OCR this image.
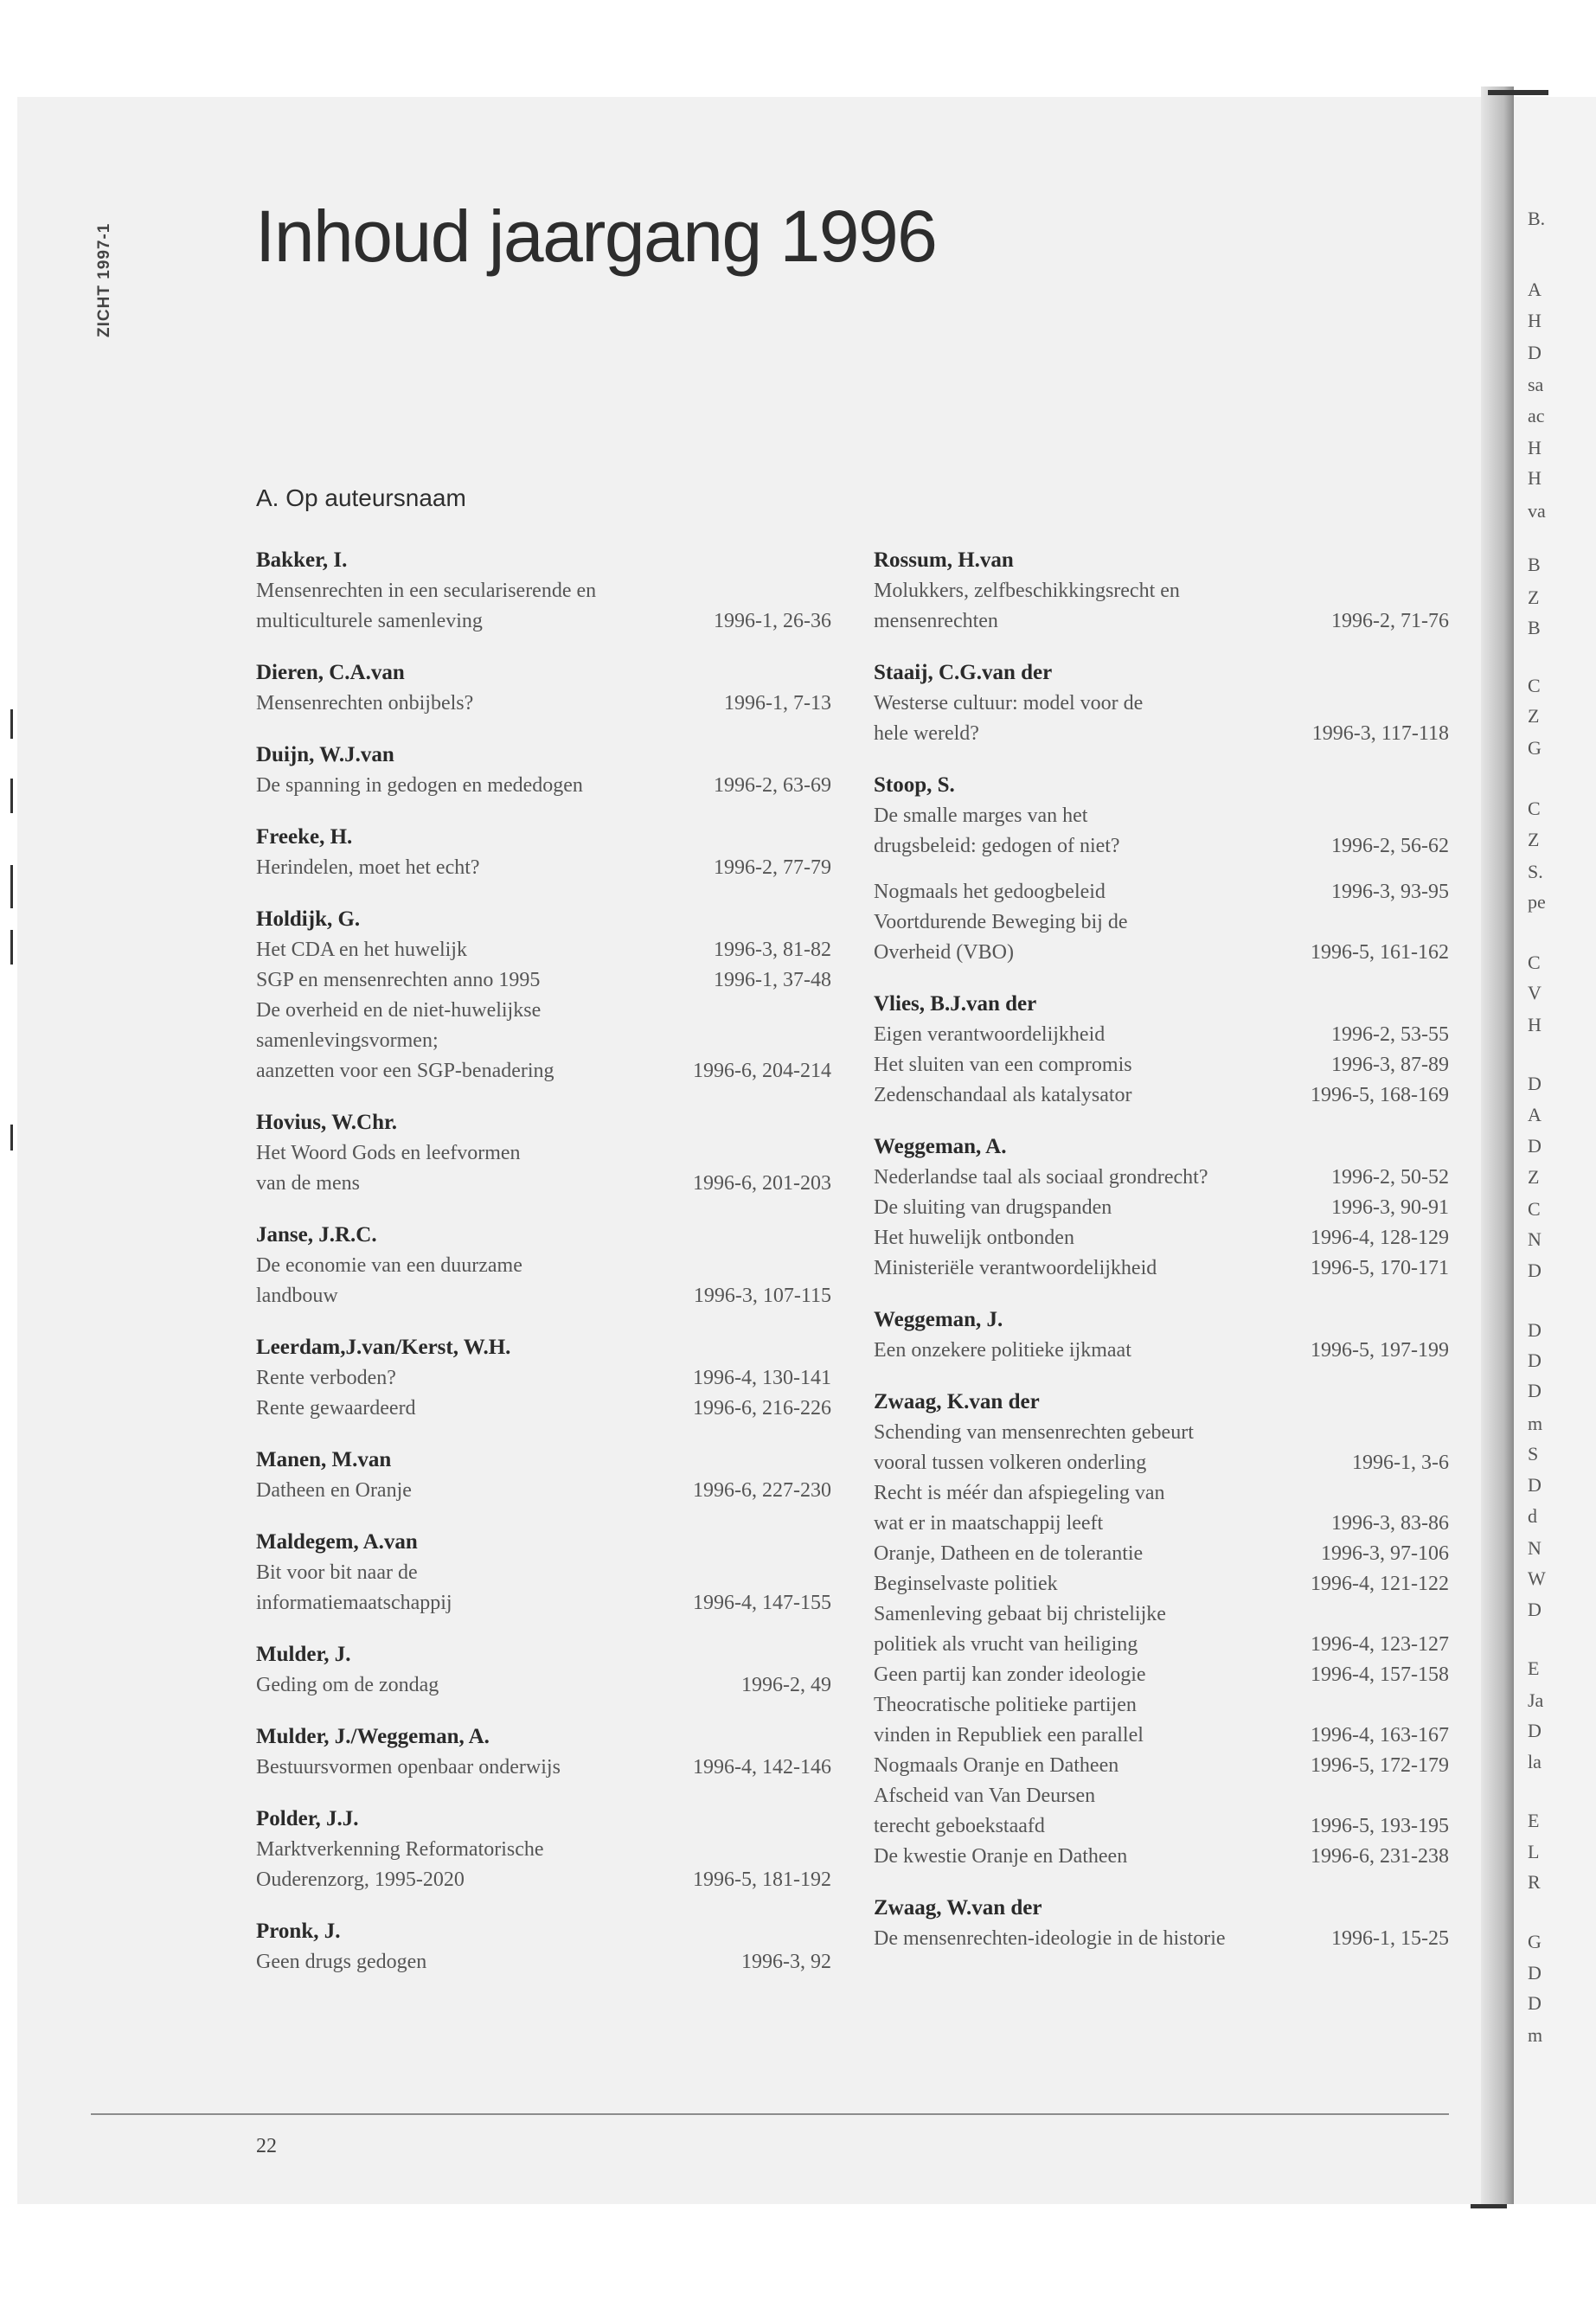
B.
A
H
D
sa
ac
H
H
va
B
Z
B
C
Z
G
C
Z
S.
pe
C
V
H
D
A
D
Z
C
N
D
D
D
D
m
S
D
d
N
W
D
E
Ja
D
la
E
L
R
G
D
D
m
ZICHT 1997-1 Inhoud jaargang 1996
A. Op auteursnaam
Bakker, I.
Mensenrechten in een seculariserende en
multiculturele samenleving	1996-1, 26-36
Dieren, C.A.van
Mensenrechten onbijbels?	1996-1, 7-13
Duijn, W.J.van
De spanning in gedogen en mededogen	1996-2, 63-69
Freeke, H.
Herindelen, moet het echt?	1996-2, 77-79
Holdijk, G.
Het CDA en het huwelijk	1996-3, 81-82
SGP en mensenrechten anno 1995	1996-1, 37-48
De overheid en de niet-huwelijkse
samenlevingsvormen;
aanzetten voor een SGP-benadering	1996-6, 204-214
Hovius, W.Chr.
Het Woord Gods en leefvormen
van de mens	1996-6, 201-203
Janse, J.R.C.
De economie van een duurzame
landbouw	1996-3, 107-115
Leerdam,J.van/Kerst, W.H.
Rente verboden?	1996-4, 130-141
Rente gewaardeerd	1996-6, 216-226
Manen, M.van
Datheen en Oranje	1996-6, 227-230
Maldegem, A.van
Bit voor bit naar de
informatiemaatschappij	1996-4, 147-155
Mulder, J.
Geding om de zondag	1996-2, 49
Mulder, J./Weggeman, A.
Bestuursvormen openbaar onderwijs	1996-4, 142-146
Polder, J.J.
Marktverkenning Reformatorische
Ouderenzorg, 1995-2020	1996-5, 181-192
Pronk, J.
Geen drugs gedogen	1996-3, 92
Rossum, H.van
Molukkers, zelfbeschikkingsrecht en
mensenrechten	1996-2, 71-76
Staaij, C.G.van der
Westerse cultuur: model voor de
hele wereld?	1996-3, 117-118
Stoop, S.
De smalle marges van het
drugsbeleid: gedogen of niet?	1996-2, 56-62
Nogmaals het gedoogbeleid	1996-3, 93-95
Voortdurende Beweging bij de
Overheid (VBO)	1996-5, 161-162
Vlies, B.J.van der
Eigen verantwoordelijkheid	1996-2, 53-55
Het sluiten van een compromis	1996-3, 87-89
Zedenschandaal als katalysator	1996-5, 168-169
Weggeman, A.
Nederlandse taal als sociaal grondrecht?	1996-2, 50-52
De sluiting van drugspanden	1996-3, 90-91
Het huwelijk ontbonden	1996-4, 128-129
Ministeriële verantwoordelijkheid	1996-5, 170-171
Weggeman, J.
Een onzekere politieke ijkmaat	1996-5, 197-199
Zwaag, K.van der
Schending van mensenrechten gebeurt
vooral tussen volkeren onderling	1996-1, 3-6
Recht is méér dan afspiegeling van
wat er in maatschappij leeft	1996-3, 83-86
Oranje, Datheen en de tolerantie	1996-3, 97-106
Beginselvaste politiek	1996-4, 121-122
Samenleving gebaat bij christelijke
politiek als vrucht van heiliging	1996-4, 123-127
Geen partij kan zonder ideologie	1996-4, 157-158
Theocratische politieke partijen
vinden in Republiek een parallel	1996-4, 163-167
Nogmaals Oranje en Datheen	1996-5, 172-179
Afscheid van Van Deursen
terecht geboekstaafd	1996-5, 193-195
De kwestie Oranje en Datheen	1996-6, 231-238
Zwaag, W.van der
De mensenrechten-ideologie in de historie	1996-1, 15-25
22
